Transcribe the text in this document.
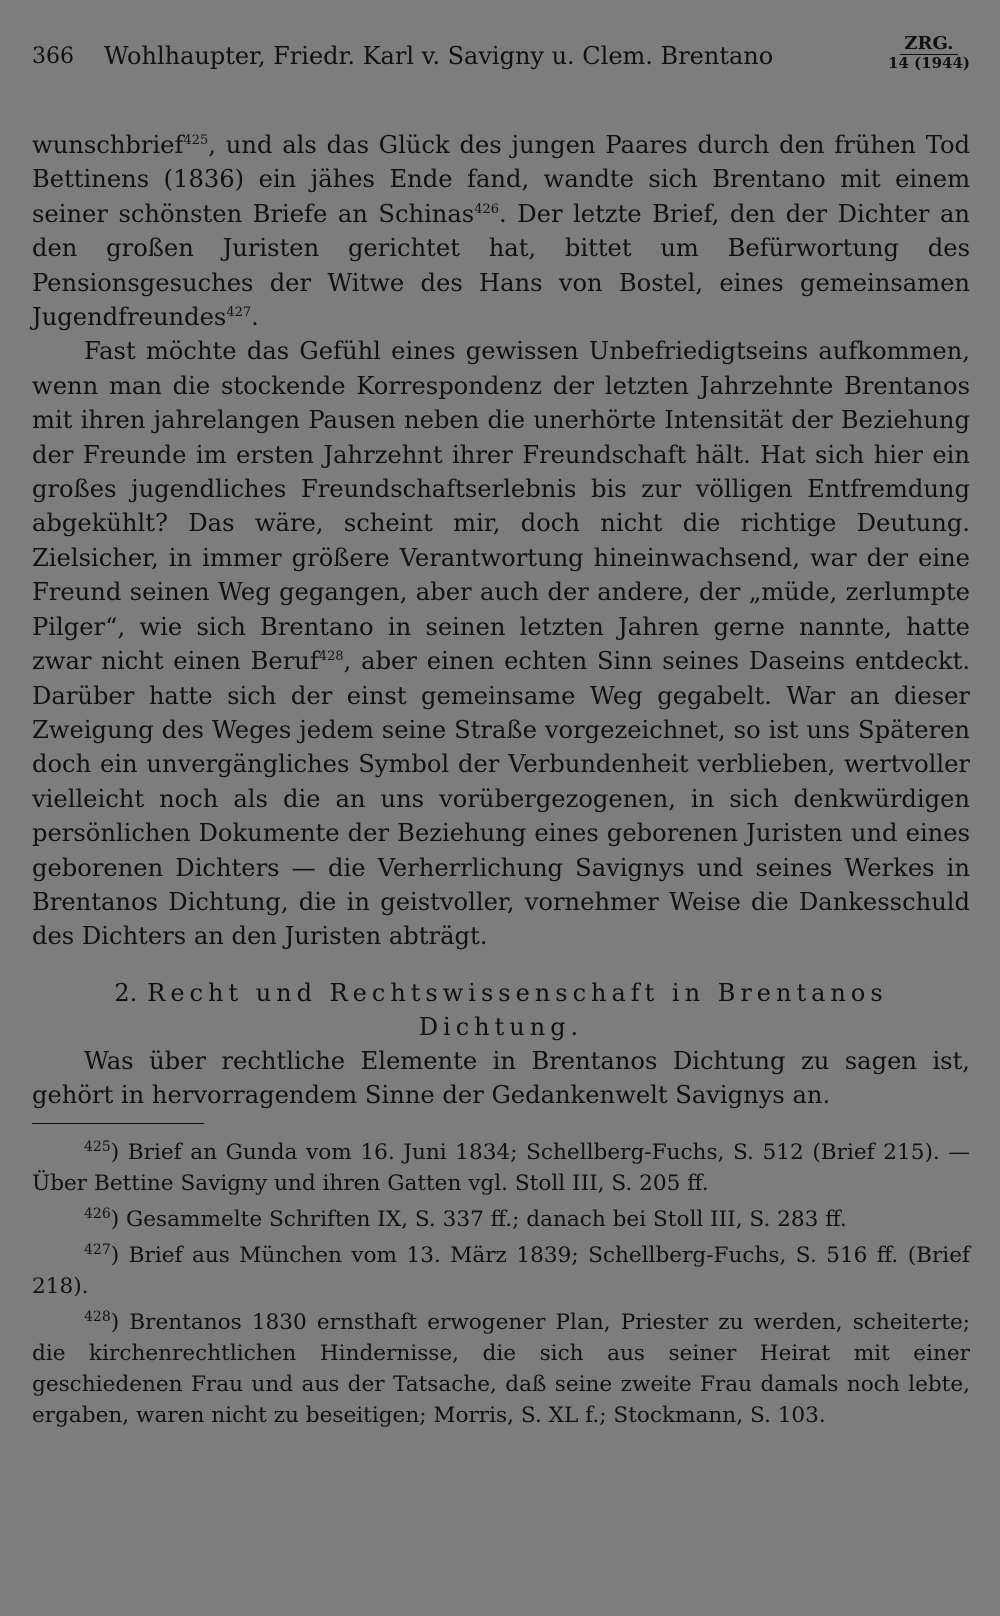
366 Wohlhaupter, Friedr. Karl v. Savigny u. Clem. Brentano	ZRG.
14 (1944)

wunschbrief$^{425}$, und als das Glück des jungen Paares durch den frühen Tod Bettinens (1836) ein jähes Ende fand, wandte sich Brentano mit einem seiner schönsten Briefe an Schinas$^{426}$. Der letzte Brief, den der Dichter an den großen Juristen gerichtet hat, bittet um Befürwortung des Pensionsgesuches der Witwe des Hans von Bostel, eines gemeinsamen Jugendfreundes$^{427}$.

Fast möchte das Gefühl eines gewissen Unbefriedigtseins aufkommen, wenn man die stockende Korrespondenz der letzten Jahrzehnte Brentanos mit ihren jahrelangen Pausen neben die unerhörte Intensität der Beziehung der Freunde im ersten Jahrzehnt ihrer Freundschaft hält. Hat sich hier ein großes jugendliches Freundschaftserlebnis bis zur völligen Entfremdung abgekühlt? Das wäre, scheint mir, doch nicht die richtige Deutung. Zielsicher, in immer größere Verantwortung hineinwachsend, war der eine Freund seinen Weg gegangen, aber auch der andere, der „müde, zerlumpte Pilger“, wie sich Brentano in seinen letzten Jahren gerne nannte, hatte zwar nicht einen Beruf$^{428}$, aber einen echten Sinn seines Daseins entdeckt. Darüber hatte sich der einst gemeinsame Weg gegabelt. War an dieser Zweigung des Weges jedem seine Straße vorgezeichnet, so ist uns Späteren doch ein unvergängliches Symbol der Verbundenheit verblieben, wertvoller vielleicht noch als die an uns vorübergezogenen, in sich denkwürdigen persönlichen Dokumente der Beziehung eines geborenen Juristen und eines geborenen Dichters — die Verherrlichung Savignys und seines Werkes in Brentanos Dichtung, die in geistvoller, vornehmer Weise die Dankesschuld des Dichters an den Juristen abträgt.

2. Recht und Rechtswissenschaft in Brentanos Dichtung.

Was über rechtliche Elemente in Brentanos Dichtung zu sagen ist, gehört in hervorragendem Sinne der Gedankenwelt Savignys an.

$^{425}$) Brief an Gunda vom 16. Juni 1834; Schellberg-Fuchs, S. 512 (Brief 215). — Über Bettine Savigny und ihren Gatten vgl. Stoll III, S. 205 ff.

$^{426}$) Gesammelte Schriften IX, S. 337 ff.; danach bei Stoll III, S. 283 ff.

$^{427}$) Brief aus München vom 13. März 1839; Schellberg-Fuchs, S. 516 ff. (Brief 218).

$^{428}$) Brentanos 1830 ernsthaft erwogener Plan, Priester zu werden, scheiterte; die kirchenrechtlichen Hindernisse, die sich aus seiner Heirat mit einer geschiedenen Frau und aus der Tatsache, daß seine zweite Frau damals noch lebte, ergaben, waren nicht zu beseitigen; Morris, S. XL f.; Stockmann, S. 103.
